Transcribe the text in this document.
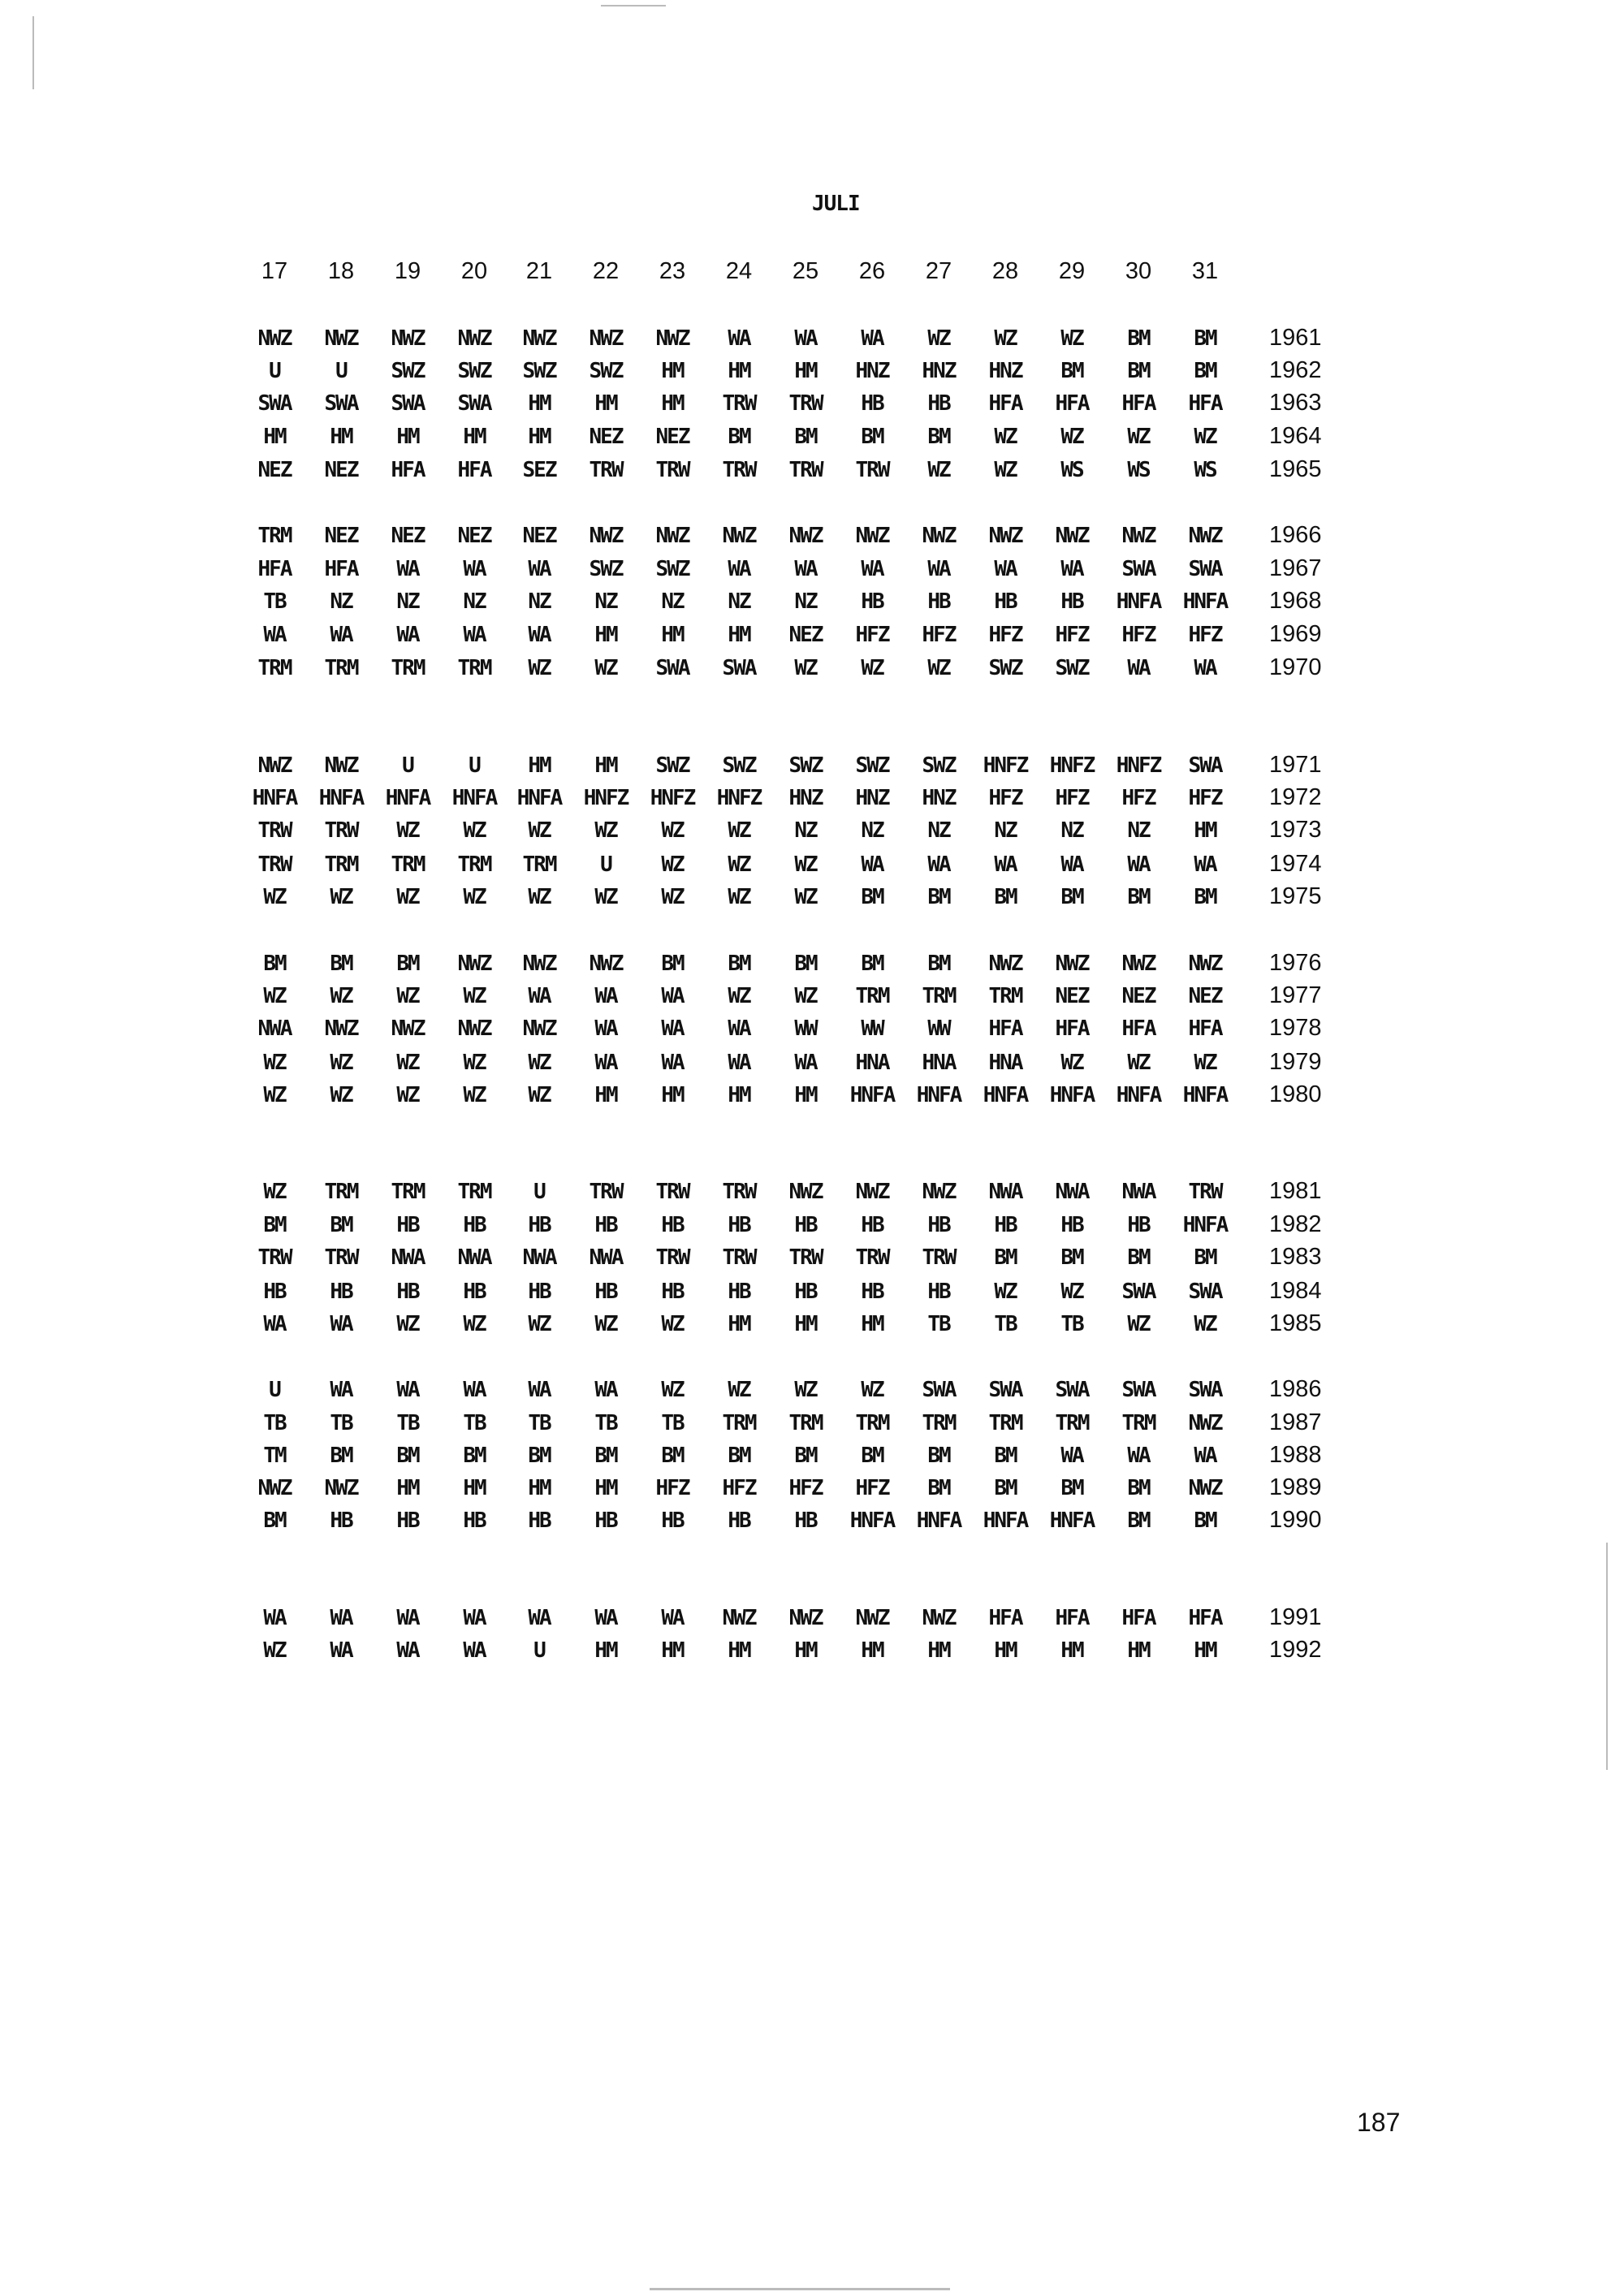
JULI
17 18 19 20 21 22 23 24 25 26 27 28 29 30 31
NWZ NWZ NWZ NWZ NWZ NWZ NWZ WA WA WA WZ WZ WZ BM BM 1961
U	U SWZ SWZ SWZ SWZ HM HM HM HNZ HNZ HNZ BM BM BM 1962
SWA SWA SWA SWA HM HM HM TRW TRW HB HB HFA HFA HFA HFA 1963
HM HM HM HM HM NEZ NEZ BM BM BM BM WZ WZ WZ WZ 1964
NEZ NEZ HFA HFA SEZ TRW TRW TRW TRW TRW WZ WZ WS WS WS 1965
TRM NEZ NEZ NEZ NEZ NWZ NWZ NWZ NWZ NWZ NWZ NWZ NWZ NWZ NWZ 1966
HFA HFA WA WA WA SWZ SWZ WA WA WA WA WA WA SWA SWA 1967
TB NZ NZ NZ NZ NZ NZ NZ NZ HB HB HB HB HNFA HNFA 1968
WA WA WA WA WA HM HM HM NEZ HFZ HFZ HFZ HFZ HFZ HFZ 1969
TRM TRM TRM TRM WZ WZ SWA SWA WZ WZ WZ SWZ SWZ WA WA 1970
NWZ NWZ U	U HM HM SWZ SWZ SWZ SWZ SWZ HNFZ HNFZ HNFZ SWA 1971
HNFA HNFA HNFA HNFA HNFA HNFZ HNFZ HNFZ HNZ HNZ HNZ HFZ HFZ HFZ HFZ 1972
TRW TRW WZ WZ WZ WZ WZ WZ NZ NZ NZ NZ NZ NZ HM 1973
TRW TRM TRM TRM TRM U WZ WZ WZ WA WA WA WA WA WA 1974
WZ WZ WZ WZ WZ WZ WZ WZ WZ BM BM BM BM BM BM 1975
BM BM BM NWZ NWZ NWZ BM BM BM BM BM NWZ NWZ NWZ NWZ 1976
WZ WZ WZ WZ WA WA WA WZ WZ TRM TRM TRM NEZ NEZ NEZ 1977
NWA NWZ NWZ NWZ NWZ WA WA WA WW WW WW HFA HFA HFA HFA 1978
WZ WZ WZ WZ WZ WA WA WA WA HNA HNA HNA WZ WZ WZ 1979
WZ WZ WZ WZ WZ HM HM HM HM HNFA HNFA HNFA HNFA HNFA HNFA 1980
WZ TRM TRM TRM U TRW TRW TRW NWZ NWZ NWZ NWA NWA NWA TRW 1981
BM BM HB HB HB HB HB HB HB HB HB HB HB HB HNFA 1982
TRW TRW NWA NWA NWA NWA TRW TRW TRW TRW TRW BM BM BM BM 1983
HB HB HB HB HB HB HB HB HB HB HB WZ WZ SWA SWA 1984
WA WA WZ WZ WZ WZ WZ HM HM HM TB TB TB WZ WZ 1985
U WA WA WA WA WA WZ WZ WZ WZ SWA SWA SWA SWA SWA 1986
TB TB TB TB TB TB TB TRM TRM TRM TRM TRM TRM TRM NWZ 1987
TM BM BM BM BM BM BM BM BM BM BM BM WA WA WA 1988
NWZ NWZ HM HM HM HM HFZ HFZ HFZ HFZ BM BM BM BM NWZ 1989
BM HB HB HB HB HB HB HB HB HNFA HNFA HNFA HNFA BM BM 1990
WA WA WA WA WA WA WA NWZ NWZ NWZ NWZ HFA HFA HFA HFA 1991
WZ WA WA WA U HM HM HM HM HM HM HM HM HM HM 1992
187
